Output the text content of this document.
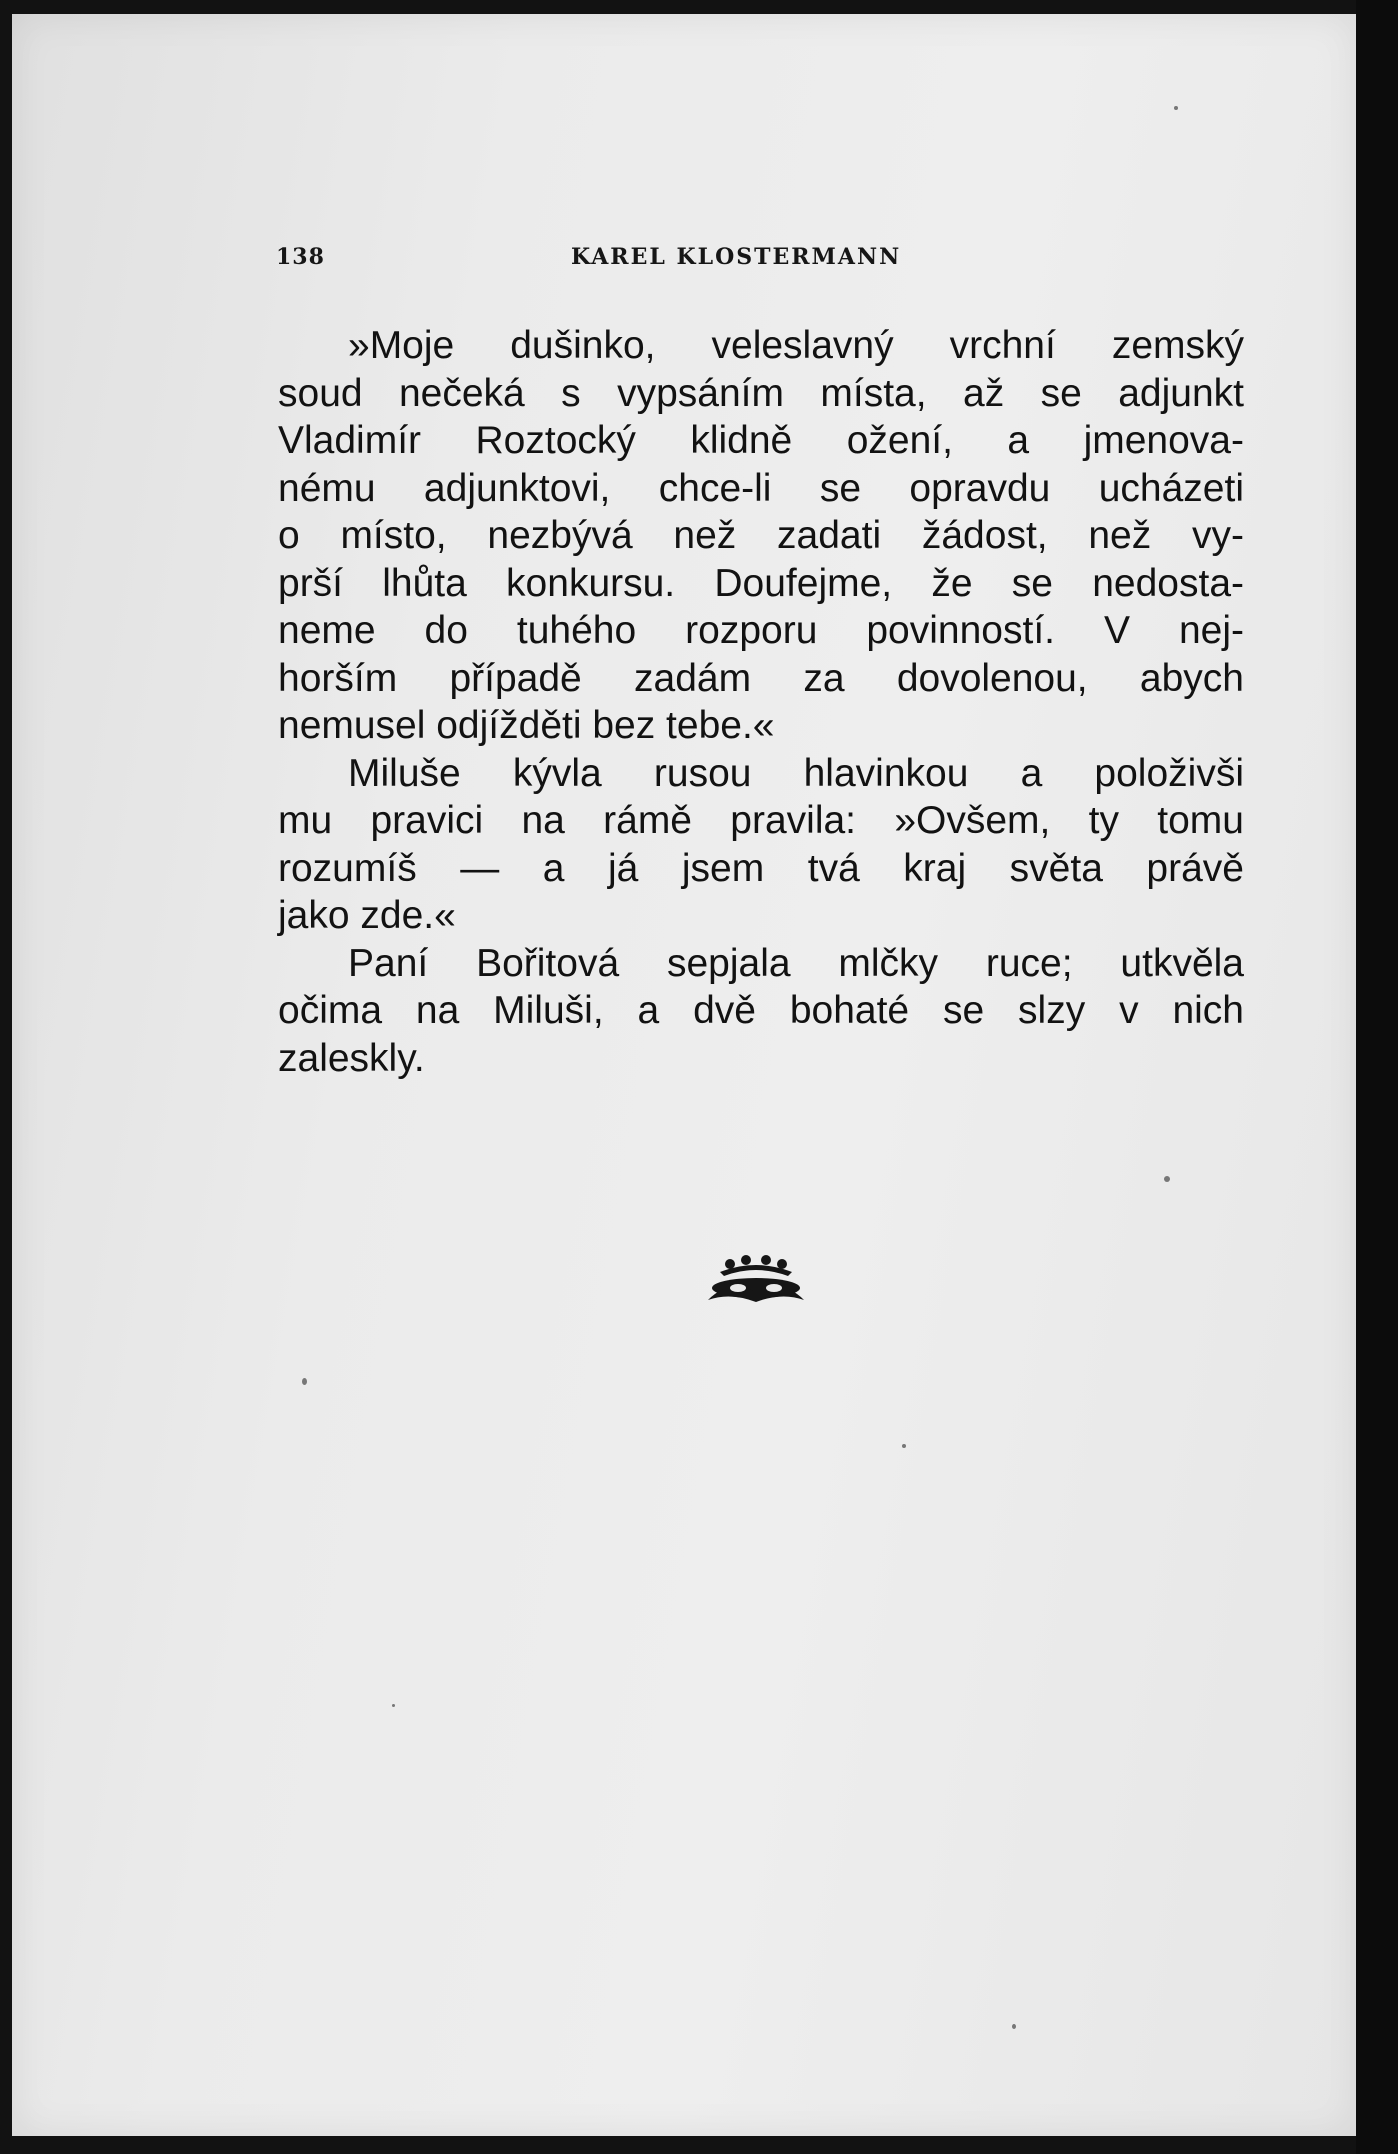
138	KAREL KLOSTERMANN
»Moje dušinko, veleslavný vrchní zemský
soud nečeká s vypsáním místa, až se adjunkt
Vladimír Roztocký klidně ožení, a jmenova-
nému adjunktovi, chce-li se opravdu ucházeti
o místo, nezbývá než zadati žádost, než vy-
prší lhůta konkursu. Doufejme, že se nedosta-
neme do tuhého rozporu povinností. V nej-
horším případě zadám za dovolenou, abych
nemusel odjížděti bez tebe.«
Miluše kývla rusou hlavinkou a položivši
mu pravici na rámě pravila: »Ovšem, ty tomu
rozumíš — a já jsem tvá kraj světa právě
jako zde.«
Paní Bořitová sepjala mlčky ruce; utkvěla
očima na Miluši, a dvě bohaté se slzy v nich
zaleskly.
